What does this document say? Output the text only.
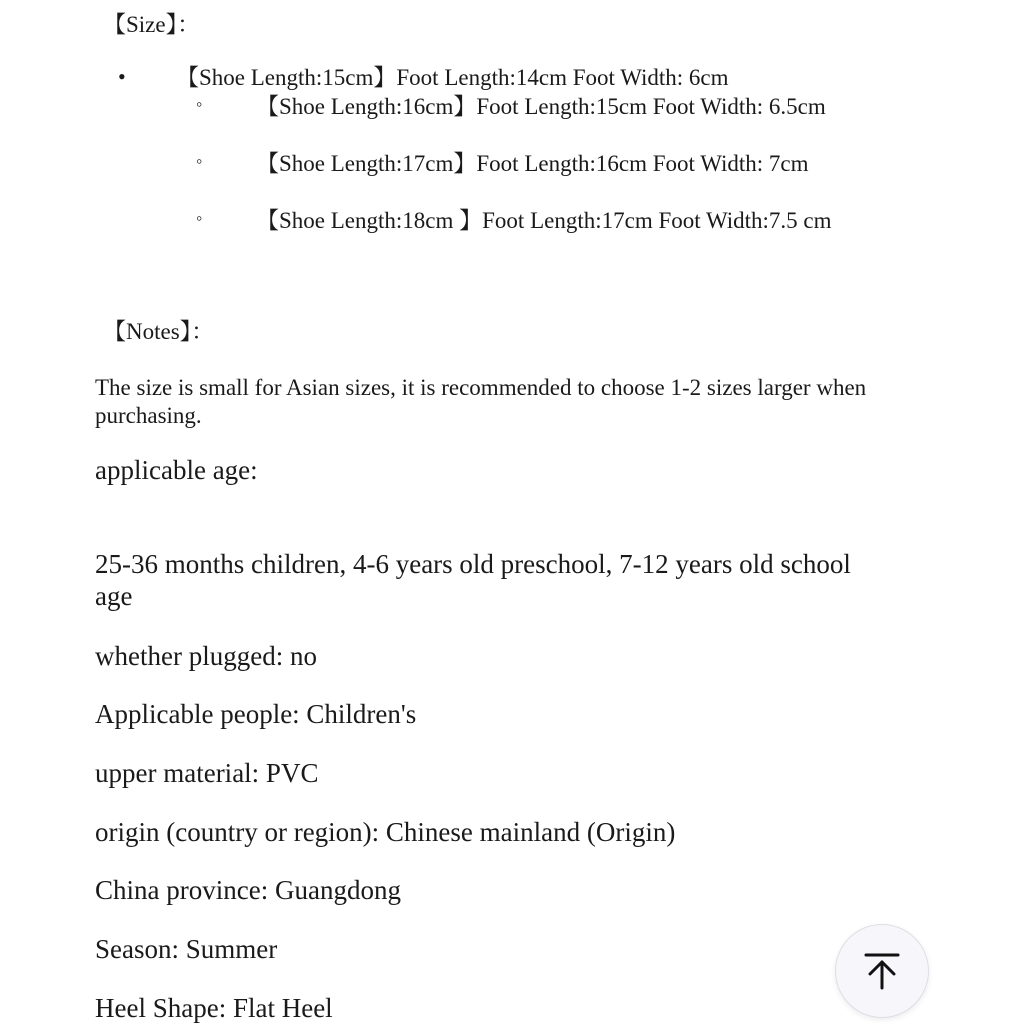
【Size】：
• 【Shoe Length:15cm】Foot Length:14cm Foot Width: 6cm
◦ 【Shoe Length:16cm】Foot Length:15cm Foot Width: 6.5cm
◦ 【Shoe Length:17cm】Foot Length:16cm Foot Width: 7cm
◦ 【Shoe Length:18cm 】Foot Length:17cm Foot Width:7.5 cm
【Notes】：
The size is small for Asian sizes, it is recommended to choose 1-2 sizes larger when purchasing.
applicable age:
25-36 months children, 4-6 years old preschool, 7-12 years old school age
whether plugged: no
Applicable people: Children's
upper material: PVC
origin (country or region): Chinese mainland (Origin)
China province: Guangdong
Season: Summer
Heel Shape: Flat Heel
